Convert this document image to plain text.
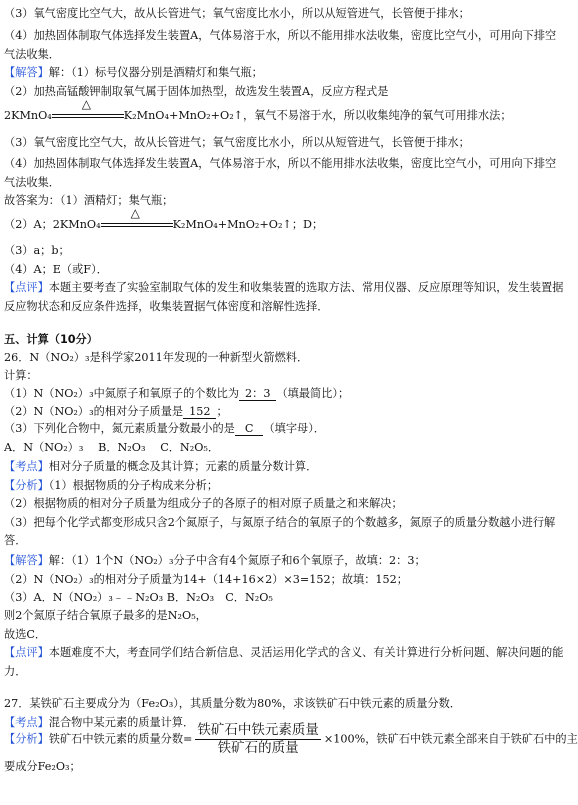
（3）氧气密度比空气大，故从长管进气；氧气密度比水小，所以从短管进气，长管便于排水；
（4）加热固体制取气体选择发生装置A，气体易溶于水，所以不能用排水法收集，密度比空气小，可用向下排空
气法收集．
【解答】解：（1）标号仪器分别是酒精灯和集气瓶；
（2）加热高锰酸钾制取氧气属于固体加热型，故选发生装置A，反应方程式是
2KMnO₄
△
K₂MnO₄+MnO₂+O₂↑，氧气不易溶于水，所以收集纯净的氧气可用排水法；
（3）氧气密度比空气大，故从长管进气；氧气密度比水小，所以从短管进气，长管便于排水；
（4）加热固体制取气体选择发生装置A，气体易溶于水，所以不能用排水法收集，密度比空气小，可用向下排空
气法收集．
故答案为：（1）酒精灯；集气瓶；
（2）A；2KMnO₄
△
K₂MnO₄+MnO₂+O₂↑；D；
（3）a；b；
（4）A；E（或F）．
【点评】本题主要考查了实验室制取气体的发生和收集装置的选取方法、常用仪器、反应原理等知识，发生装置据
反应物状态和反应条件选择，收集装置据气体密度和溶解性选择．
五、计算（10分）
26．N（NO₂）₃是科学家2011年发现的一种新型火箭燃料．
计算：
（1）N（NO₂）₃中氮原子和氧原子的个数比为 2：3 （填最简比）；
（2）N（NO₂）₃的相对分子质量是 152 ；
（3）下列化合物中，氮元素质量分数最小的是 C （填字母）．
A．N（NO₂）₃　 B．N₂O₃　 C．N₂O₅．
【考点】相对分子质量的概念及其计算；元素的质量分数计算．
【分析】（1）根据物质的分子构成来分析；
（2）根据物质的相对分子质量为组成分子的各原子的相对原子质量之和来解决；
（3）把每个化学式都变形成只含2个氮原子，与氮原子结合的氧原子的个数越多，氮原子的质量分数越小进行解
答．
【解答】解：（1）1个N（NO₂）₃分子中含有4个氮原子和6个氧原子，故填：2：3；
（2）N（NO₂）₃的相对分子质量为14+（14+16×2）×3=152；故填：152；
（3）A．N（NO₂）₃﹣﹣N₂O₃ B．N₂O₃　C．N₂O₅
则2个氮原子结合氧原子最多的是N₂O₅，
故选C．
【点评】本题难度不大，考查同学们结合新信息、灵活运用化学式的含义、有关计算进行分析问题、解决问题的能
力．
27．某铁矿石主要成分为（Fe₂O₃），其质量分数为80%，求该铁矿石中铁元素的质量分数．
【考点】混合物中某元素的质量计算．
【分析】铁矿石中铁元素的质量分数= $\frac{\text{铁矿石中铁元素质量}}{\text{铁矿石的质量}} \times 100\%$，铁矿石中铁元素全部来自于铁矿石中的主
要成分Fe₂O₃；
